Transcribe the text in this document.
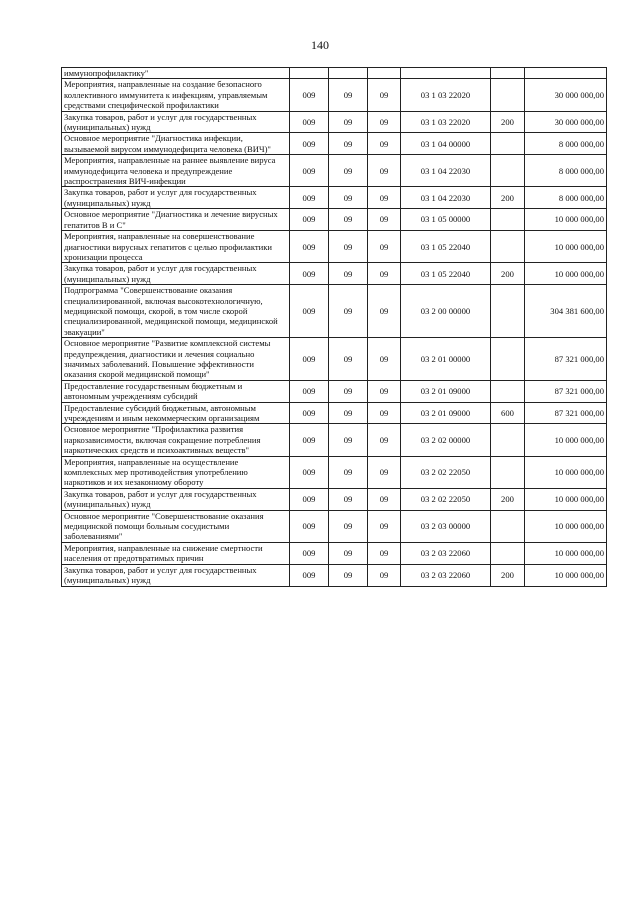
140
иммунопрофилактику"						
Мероприятия, направленные на создание безопасного коллективного иммунитета к инфекциям, управляемым средствами специфической профилактики	009	09	09	03 1 03 22020		30 000 000,00
Закупка товаров, работ и услуг для государственных (муниципальных) нужд	009	09	09	03 1 03 22020	200	30 000 000,00
Основное мероприятие "Диагностика инфекции, вызываемой вирусом иммунодефицита человека (ВИЧ)"	009	09	09	03 1 04 00000		8 000 000,00
Мероприятия, направленные на раннее выявление вируса иммунодефицита человека и предупреждение распространения ВИЧ-инфекции	009	09	09	03 1 04 22030		8 000 000,00
Закупка товаров, работ и услуг для государственных (муниципальных) нужд	009	09	09	03 1 04 22030	200	8 000 000,00
Основное мероприятие "Диагностика и лечение вирусных гепатитов В и С"	009	09	09	03 1 05 00000		10 000 000,00
Мероприятия, направленные на совершенствование диагностики вирусных гепатитов с целью профилактики хронизации процесса	009	09	09	03 1 05 22040		10 000 000,00
Закупка товаров, работ и услуг для государственных (муниципальных) нужд	009	09	09	03 1 05 22040	200	10 000 000,00
Подпрограмма "Совершенствование оказания специализированной, включая высокотехнологичную, медицинской помощи, скорой, в том числе скорой специализированной, медицинской помощи, медицинской эвакуации"	009	09	09	03 2 00 00000		304 381 600,00
Основное мероприятие "Развитие комплексной системы предупреждения, диагностики и лечения социально значимых заболеваний. Повышение эффективности оказания скорой медицинской помощи"	009	09	09	03 2 01 00000		87 321 000,00
Предоставление государственным бюджетным и автономным учреждениям субсидий	009	09	09	03 2 01 09000		87 321 000,00
Предоставление субсидий бюджетным, автономным учреждениям и иным некоммерческим организациям	009	09	09	03 2 01 09000	600	87 321 000,00
Основное мероприятие "Профилактика развития наркозависимости, включая сокращение потребления наркотических средств и психоактивных веществ"	009	09	09	03 2 02 00000		10 000 000,00
Мероприятия, направленные на осуществление комплексных мер противодействия употреблению наркотиков и их незаконному обороту	009	09	09	03 2 02 22050		10 000 000,00
Закупка товаров, работ и услуг для государственных (муниципальных) нужд	009	09	09	03 2 02 22050	200	10 000 000,00
Основное мероприятие "Совершенствование оказания медицинской помощи больным сосудистыми заболеваниями"	009	09	09	03 2 03 00000		10 000 000,00
Мероприятия, направленные на снижение смертности населения от предотвратимых причин	009	09	09	03 2 03 22060		10 000 000,00
Закупка товаров, работ и услуг для государственных (муниципальных) нужд	009	09	09	03 2 03 22060	200	10 000 000,00
